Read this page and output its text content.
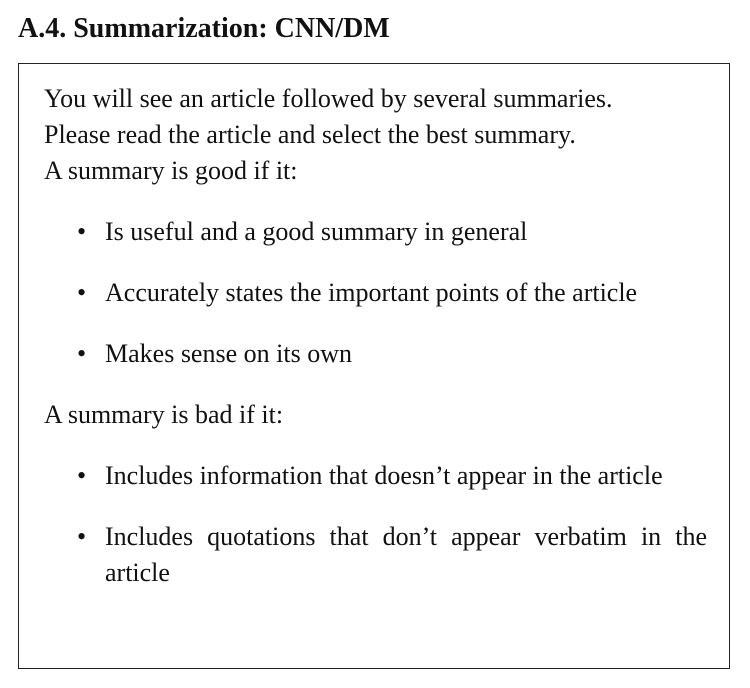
A.4. Summarization: CNN/DM

You will see an article followed by several summaries.
Please read the article and select the best summary.
A summary is good if it:

• Is useful and a good summary in general
• Accurately states the important points of the article
• Makes sense on its own

A summary is bad if it:

• Includes information that doesn’t appear in the article
• Includes quotations that don’t appear verbatim in the article
